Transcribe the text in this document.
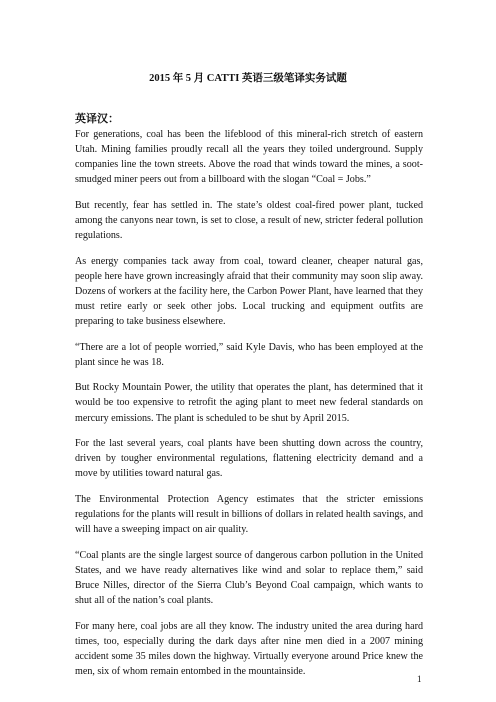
2015 年 5 月 CATTI 英语三级笔译实务试题
英译汉：

For generations, coal has been the lifeblood of this mineral-rich stretch of eastern Utah. Mining families proudly recall all the years they toiled underground. Supply companies line the town streets. Above the road that winds toward the mines, a soot-smudged miner peers out from a billboard with the slogan “Coal = Jobs.”

But recently, fear has settled in. The state’s oldest coal-fired power plant, tucked among the canyons near town, is set to close, a result of new, stricter federal pollution regulations.

As energy companies tack away from coal, toward cleaner, cheaper natural gas, people here have grown increasingly afraid that their community may soon slip away. Dozens of workers at the facility here, the Carbon Power Plant, have learned that they must retire early or seek other jobs. Local trucking and equipment outfits are preparing to take business elsewhere.

“There are a lot of people worried,” said Kyle Davis, who has been employed at the plant since he was 18.

But Rocky Mountain Power, the utility that operates the plant, has determined that it would be too expensive to retrofit the aging plant to meet new federal standards on mercury emissions. The plant is scheduled to be shut by April 2015.

For the last several years, coal plants have been shutting down across the country, driven by tougher environmental regulations, flattening electricity demand and a move by utilities toward natural gas.

The Environmental Protection Agency estimates that the stricter emissions regulations for the plants will result in billions of dollars in related health savings, and will have a sweeping impact on air quality.

“Coal plants are the single largest source of dangerous carbon pollution in the United States, and we have ready alternatives like wind and solar to replace them,” said Bruce Nilles, director of the Sierra Club’s Beyond Coal campaign, which wants to shut all of the nation’s coal plants.

For many here, coal jobs are all they know. The industry united the area during hard times, too, especially during the dark days after nine men died in a 2007 mining accident some 35 miles down the highway. Virtually everyone around Price knew the men, six of whom remain entombed in the mountainside.

1
